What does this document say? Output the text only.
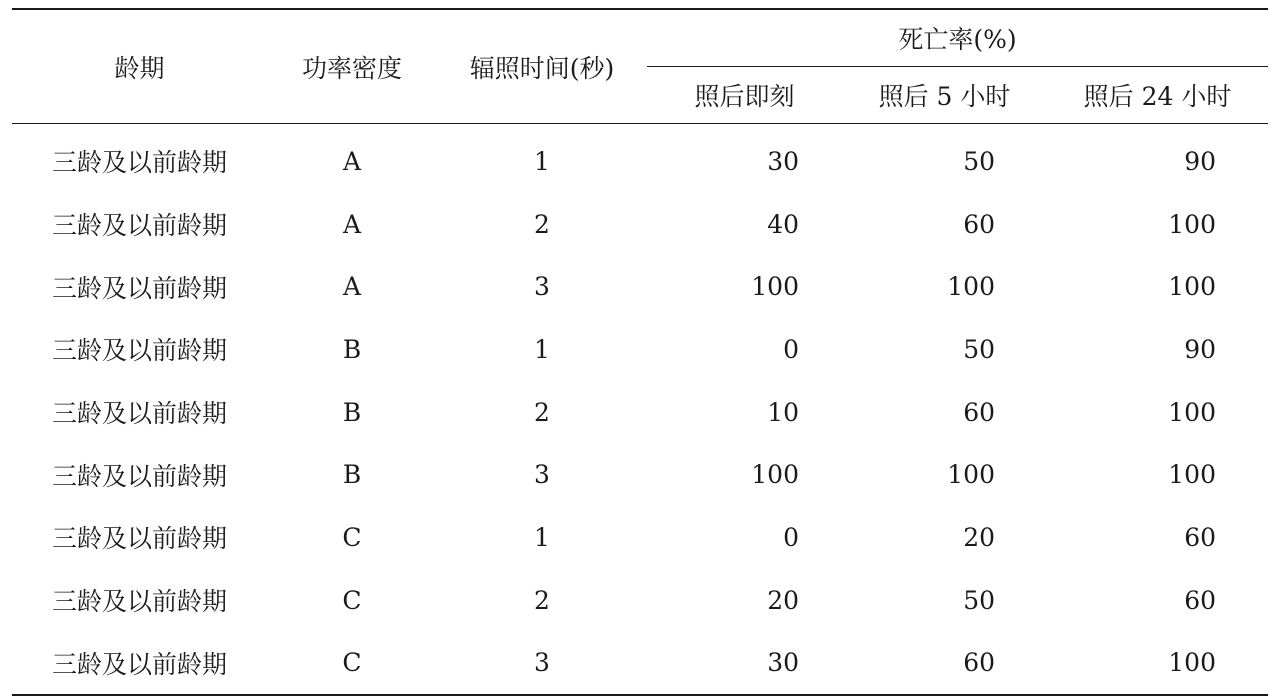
龄期	功率密度	辐照时间(秒)	死亡率(%)		
			照后即刻	照后 5 小时	照后 24 小时
三龄及以前龄期	A	1	30	50	90
三龄及以前龄期	A	2	40	60	100
三龄及以前龄期	A	3	100	100	100
三龄及以前龄期	B	1	0	50	90
三龄及以前龄期	B	2	10	60	100
三龄及以前龄期	B	3	100	100	100
三龄及以前龄期	C	1	0	20	60
三龄及以前龄期	C	2	20	50	60
三龄及以前龄期	C	3	30	60	100
